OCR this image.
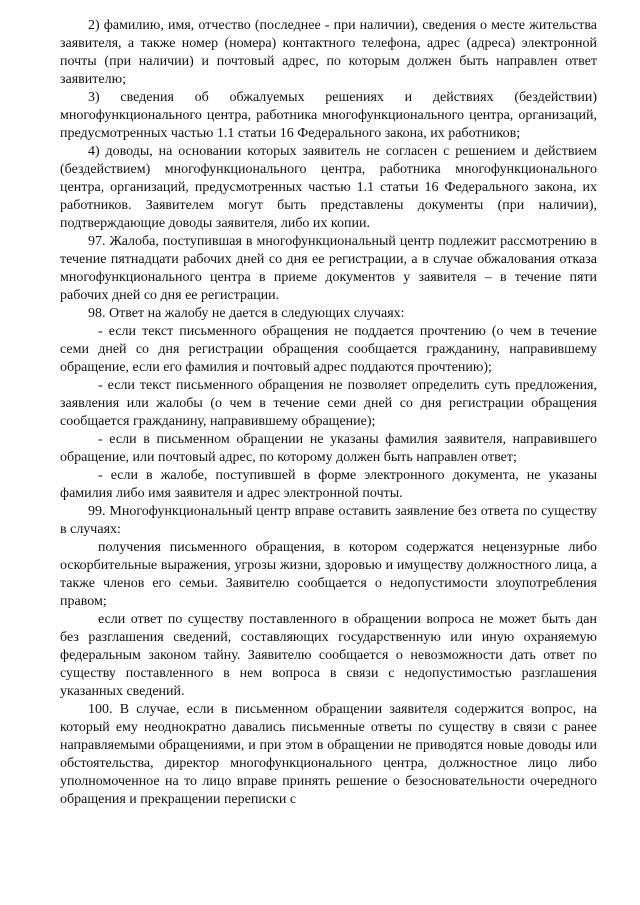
2) фамилию, имя, отчество (последнее - при наличии), сведения о месте жительства заявителя, а также номер (номера) контактного телефона, адрес (адреса) электронной почты (при наличии) и почтовый адрес, по которым должен быть направлен ответ заявителю;

3) сведения об обжалуемых решениях и действиях (бездействии) многофункционального центра, работника многофункционального центра, организаций, предусмотренных частью 1.1 статьи 16 Федерального закона, их работников;

4) доводы, на основании которых заявитель не согласен с решением и действием (бездействием) многофункционального центра, работника многофункционального центра, организаций, предусмотренных частью 1.1 статьи 16 Федерального закона, их работников. Заявителем могут быть представлены документы (при наличии), подтверждающие доводы заявителя, либо их копии.

97. Жалоба, поступившая в многофункциональный центр подлежит рассмотрению в течение пятнадцати рабочих дней со дня ее регистрации, а в случае обжалования отказа многофункционального центра в приеме документов у заявителя – в течение пяти рабочих дней со дня ее регистрации.

98. Ответ на жалобу не дается в следующих случаях:

- если текст письменного обращения не поддается прочтению (о чем в течение семи дней со дня регистрации обращения сообщается гражданину, направившему обращение, если его фамилия и почтовый адрес поддаются прочтению);

- если текст письменного обращения не позволяет определить суть предложения, заявления или жалобы (о чем в течение семи дней со дня регистрации обращения сообщается гражданину, направившему обращение);

- если в письменном обращении не указаны фамилия заявителя, направившего обращение, или почтовый адрес, по которому должен быть направлен ответ;

- если в жалобе, поступившей в форме электронного документа, не указаны фамилия либо имя заявителя и адрес электронной почты.

99. Многофункциональный центр вправе оставить заявление без ответа по существу в случаях:

получения письменного обращения, в котором содержатся нецензурные либо оскорбительные выражения, угрозы жизни, здоровью и имуществу должностного лица, а также членов его семьи. Заявителю сообщается о недопустимости злоупотребления правом;

если ответ по существу поставленного в обращении вопроса не может быть дан без разглашения сведений, составляющих государственную или иную охраняемую федеральным законом тайну. Заявителю сообщается о невозможности дать ответ по существу поставленного в нем вопроса в связи с недопустимостью разглашения указанных сведений.

100. В случае, если в письменном обращении заявителя содержится вопрос, на который ему неоднократно давались письменные ответы по существу в связи с ранее направляемыми обращениями, и при этом в обращении не приводятся новые доводы или обстоятельства, директор многофункционального центра, должностное лицо либо уполномоченное на то лицо вправе принять решение о безосновательности очередного обращения и прекращении переписки с
